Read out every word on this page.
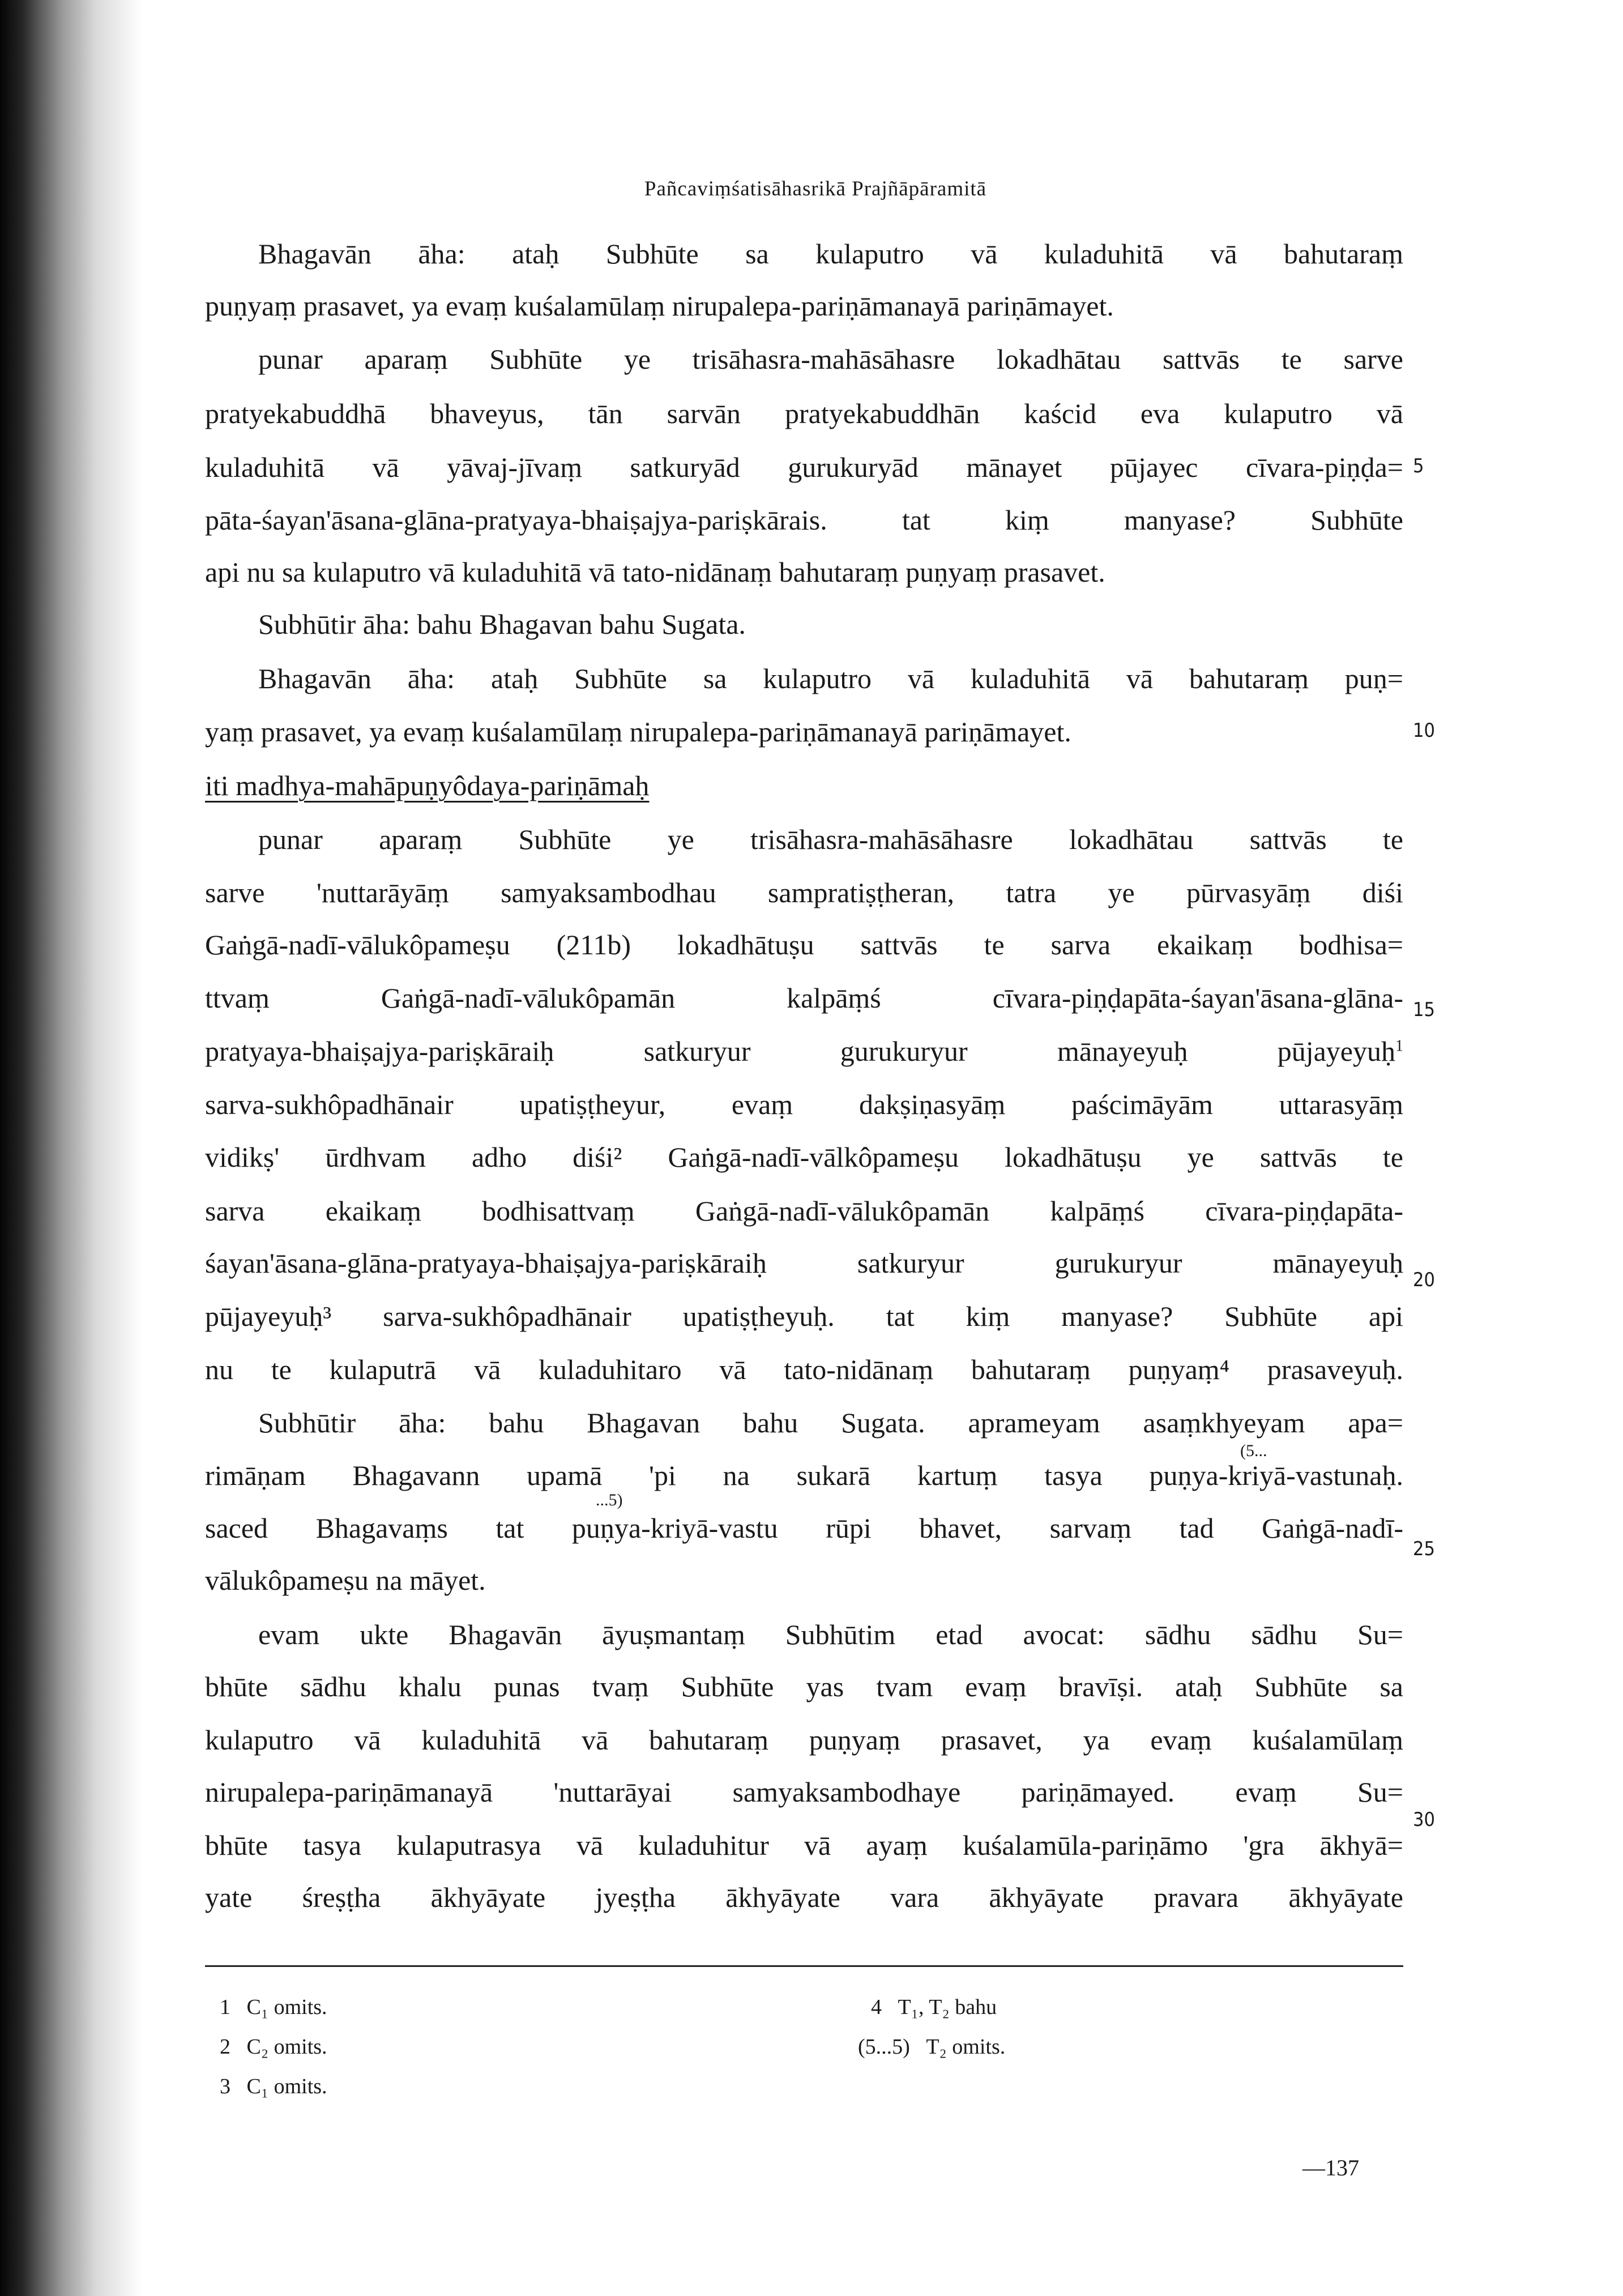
Pañcaviṃśatisāhasrikā Prajñāpāramitā
Bhagavān āha: ataḥ Subhūte sa kulaputro vā kuladuhitā vā bahutaraṃ
puṇyaṃ prasavet, ya evaṃ kuśalamūlaṃ nirupalepa-pariṇāmanayā pariṇāmayet.
punar aparaṃ Subhūte ye trisāhasra-mahāsāhasre lokadhātau sattvās te sarve
pratyekabuddhā bhaveyus, tān sarvān pratyekabuddhān kaścid eva kulaputro vā
kuladuhitā vā yāvaj-jīvaṃ satkuryād gurukuryād mānayet pūjayec cīvara-piṇḍa=
pāta-śayan'āsana-glāna-pratyaya-bhaiṣajya-pariṣkārais. tat kiṃ manyase? Subhūte
api nu sa kulaputro vā kuladuhitā vā tato-nidānaṃ bahutaraṃ puṇyaṃ prasavet.
Subhūtir āha: bahu Bhagavan bahu Sugata.
Bhagavān āha: ataḥ Subhūte sa kulaputro vā kuladuhitā vā bahutaraṃ puṇ=
yaṃ prasavet, ya evaṃ kuśalamūlaṃ nirupalepa-pariṇāmanayā pariṇāmayet.
iti madhya-mahāpuṇyôdaya-pariṇāmaḥ
punar aparaṃ Subhūte ye trisāhasra-mahāsāhasre lokadhātau sattvās te
sarve 'nuttarāyāṃ samyaksambodhau sampratiṣṭheran, tatra ye pūrvasyāṃ diśi
Gaṅgā-nadī-vālukôpameṣu (211b) lokadhātuṣu sattvās te sarva ekaikaṃ bodhisa=
ttvaṃ Gaṅgā-nadī-vālukôpamān kalpāṃś cīvara-piṇḍapāta-śayan'āsana-glāna-
pratyaya-bhaiṣajya-pariṣkāraiḥ satkuryur gurukuryur mānayeyuḥ pūjayeyuḥ$^1$
sarva-sukhôpadhānair upatiṣṭheyur, evaṃ dakṣiṇasyāṃ paścimāyām uttarasyāṃ
vidikṣ' ūrdhvam adho diśi² Gaṅgā-nadī-vālkôpameṣu lokadhātuṣu ye sattvās te
sarva ekaikaṃ bodhisattvaṃ Gaṅgā-nadī-vālukôpamān kalpāṃś cīvara-piṇḍapāta-
śayan'āsana-glāna-pratyaya-bhaiṣajya-pariṣkāraiḥ satkuryur gurukuryur mānayeyuḥ
pūjayeyuḥ³ sarva-sukhôpadhānair upatiṣṭheyuḥ. tat kiṃ manyase? Subhūte api
nu te kulaputrā vā kuladuhitaro vā tato-nidānaṃ bahutaraṃ puṇyaṃ⁴ prasaveyuḥ.
Subhūtir āha: bahu Bhagavan bahu Sugata. aprameyam asaṃkhyeyam apa=
rimāṇam Bhagavann upamā 'pi na sukarā kartuṃ tasya puṇya-kriyā-vastunaḥ.
saced Bhagavaṃs tat puṇya-kriyā-vastu rūpi bhavet, sarvaṃ tad Gaṅgā-nadī-
vālukôpameṣu na māyet.
evam ukte Bhagavān āyuṣmantaṃ Subhūtim etad avocat: sādhu sādhu Su=
bhūte sādhu khalu punas tvaṃ Subhūte yas tvam evaṃ bravīṣi. ataḥ Subhūte sa
kulaputro vā kuladuhitā vā bahutaraṃ puṇyaṃ prasavet, ya evaṃ kuśalamūlaṃ
nirupalepa-pariṇāmanayā 'nuttarāyai samyaksambodhaye pariṇāmayed. evaṃ Su=
bhūte tasya kulaputrasya vā kuladuhitur vā ayaṃ kuśalamūla-pariṇāmo 'gra ākhyā=
yate śreṣṭha ākhyāyate jyeṣṭha ākhyāyate vara ākhyāyate pravara ākhyāyate
(5...
...5)
5
10
15
20
25
30
1 C₁ omits.
2 C₂ omits.
3 C₁ omits.
4 T₁, T₂ bahu
(5...5) T₂ omits.
—137
